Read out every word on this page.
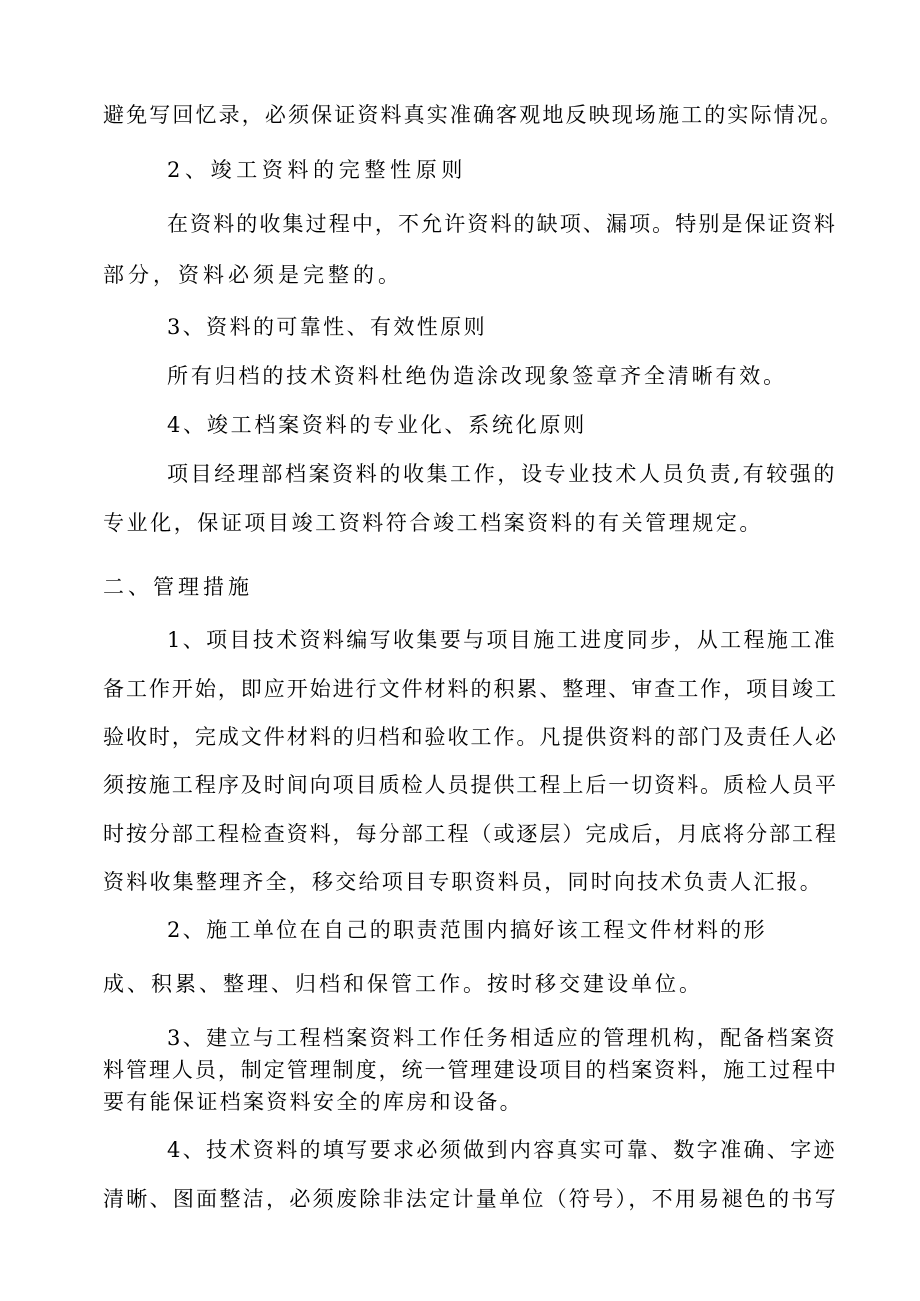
避免写回忆录，必须保证资料真实准确客观地反映现场施工的实际情况。
2、竣工资料的完整性原则
在资料的收集过程中，不允许资料的缺项、漏项。特别是保证资料
部分，资料必须是完整的。
3、资料的可靠性、有效性原则
所有归档的技术资料杜绝伪造涂改现象签章齐全清晰有效。
4、竣工档案资料的专业化、系统化原则
项目经理部档案资料的收集工作，设专业技术人员负责,有较强的
专业化，保证项目竣工资料符合竣工档案资料的有关管理规定。
二、管理措施
1、项目技术资料编写收集要与项目施工进度同步，从工程施工准
备工作开始，即应开始进行文件材料的积累、整理、审查工作，项目竣工
验收时，完成文件材料的归档和验收工作。凡提供资料的部门及责任人必
须按施工程序及时间向项目质检人员提供工程上后一切资料。质检人员平
时按分部工程检查资料，每分部工程（或逐层）完成后，月底将分部工程
资料收集整理齐全，移交给项目专职资料员，同时向技术负责人汇报。
2、施工单位在自己的职责范围内搞好该工程文件材料的形
成、积累、整理、归档和保管工作。按时移交建设单位。
3、建立与工程档案资料工作任务相适应的管理机构，配备档案资
料管理人员，制定管理制度，统一管理建设项目的档案资料，施工过程中
要有能保证档案资料安全的库房和设备。
4、技术资料的填写要求必须做到内容真实可靠、数字准确、字迹
清晰、图面整洁，必须废除非法定计量单位（符号），不用易褪色的书写
